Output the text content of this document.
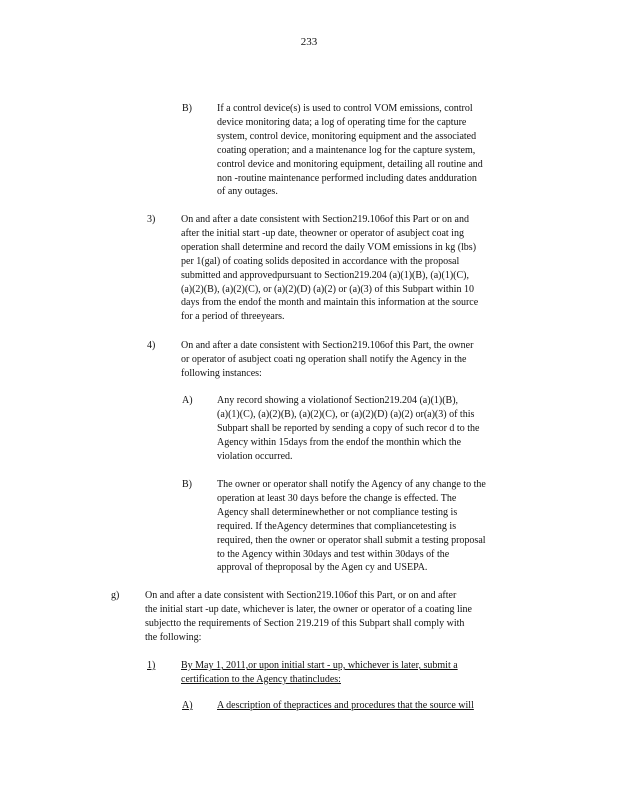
233
B)	If a control device(s) is used to control VOM emissions, control

device monitoring data; a log of operating time for the capture

system, control device, monitoring equipment and the associated

coating operation; and a maintenance log for the capture system,

control device and monitoring equipment, detailing all routine and

non -routine maintenance performed including dates andduration

of any outages.

3)	On and after a date consistent with Section219.106of this Part or on and

after the initial start -up date, theowner or operator of asubject coat ing

operation shall determine and record the daily VOM emissions in kg (lbs)

per 1(gal) of coating solids deposited in accordance with the proposal

submitted and approvedpursuant to Section219.204 (a)(1)(B), (a)(1)(C),

(a)(2)(B), (a)(2)(C), or (a)(2)(D) (a)(2) or (a)(3) of this Subpart within 10

days from the endof the month and maintain this information at the source

for a period of threeyears.

4)	On and after a date consistent with Section219.106of this Part, the owner

or operator of asubject coati ng operation shall notify the Agency in the

following instances:

A) Any record showing a violationof Section219.204 (a)(1)(B),

(a)(1)(C), (a)(2)(B), (a)(2)(C), or (a)(2)(D) (a)(2) or(a)(3) of this

Subpart shall be reported by sending a copy of such recor d to the

Agency within 15days from the endof the monthin which the

violation occurred.

B)	The owner or operator shall notify the Agency of any change to the

operation at least 30 days before the change is effected. The

Agency shall determinewhether or not compliance testing is

required. If theAgency determines that compliancetesting is

required, then the owner or operator shall submit a testing proposal

to the Agency within 30days and test within 30days of the

approval of theproposal by the Agen cy and USEPA.

g)	On and after a date consistent with Section219.106of this Part, or on and after

the initial start -up date, whichever is later, the owner or operator of a coating line

subjectto the requirements of Section 219.219 of this Subpart shall comply with

the following:

1)	By May 1, 2011,or upon initial start - up, whichever is later, submit a

certification to the Agency thatincludes:

A) A description of thepractices and procedures that the source will
